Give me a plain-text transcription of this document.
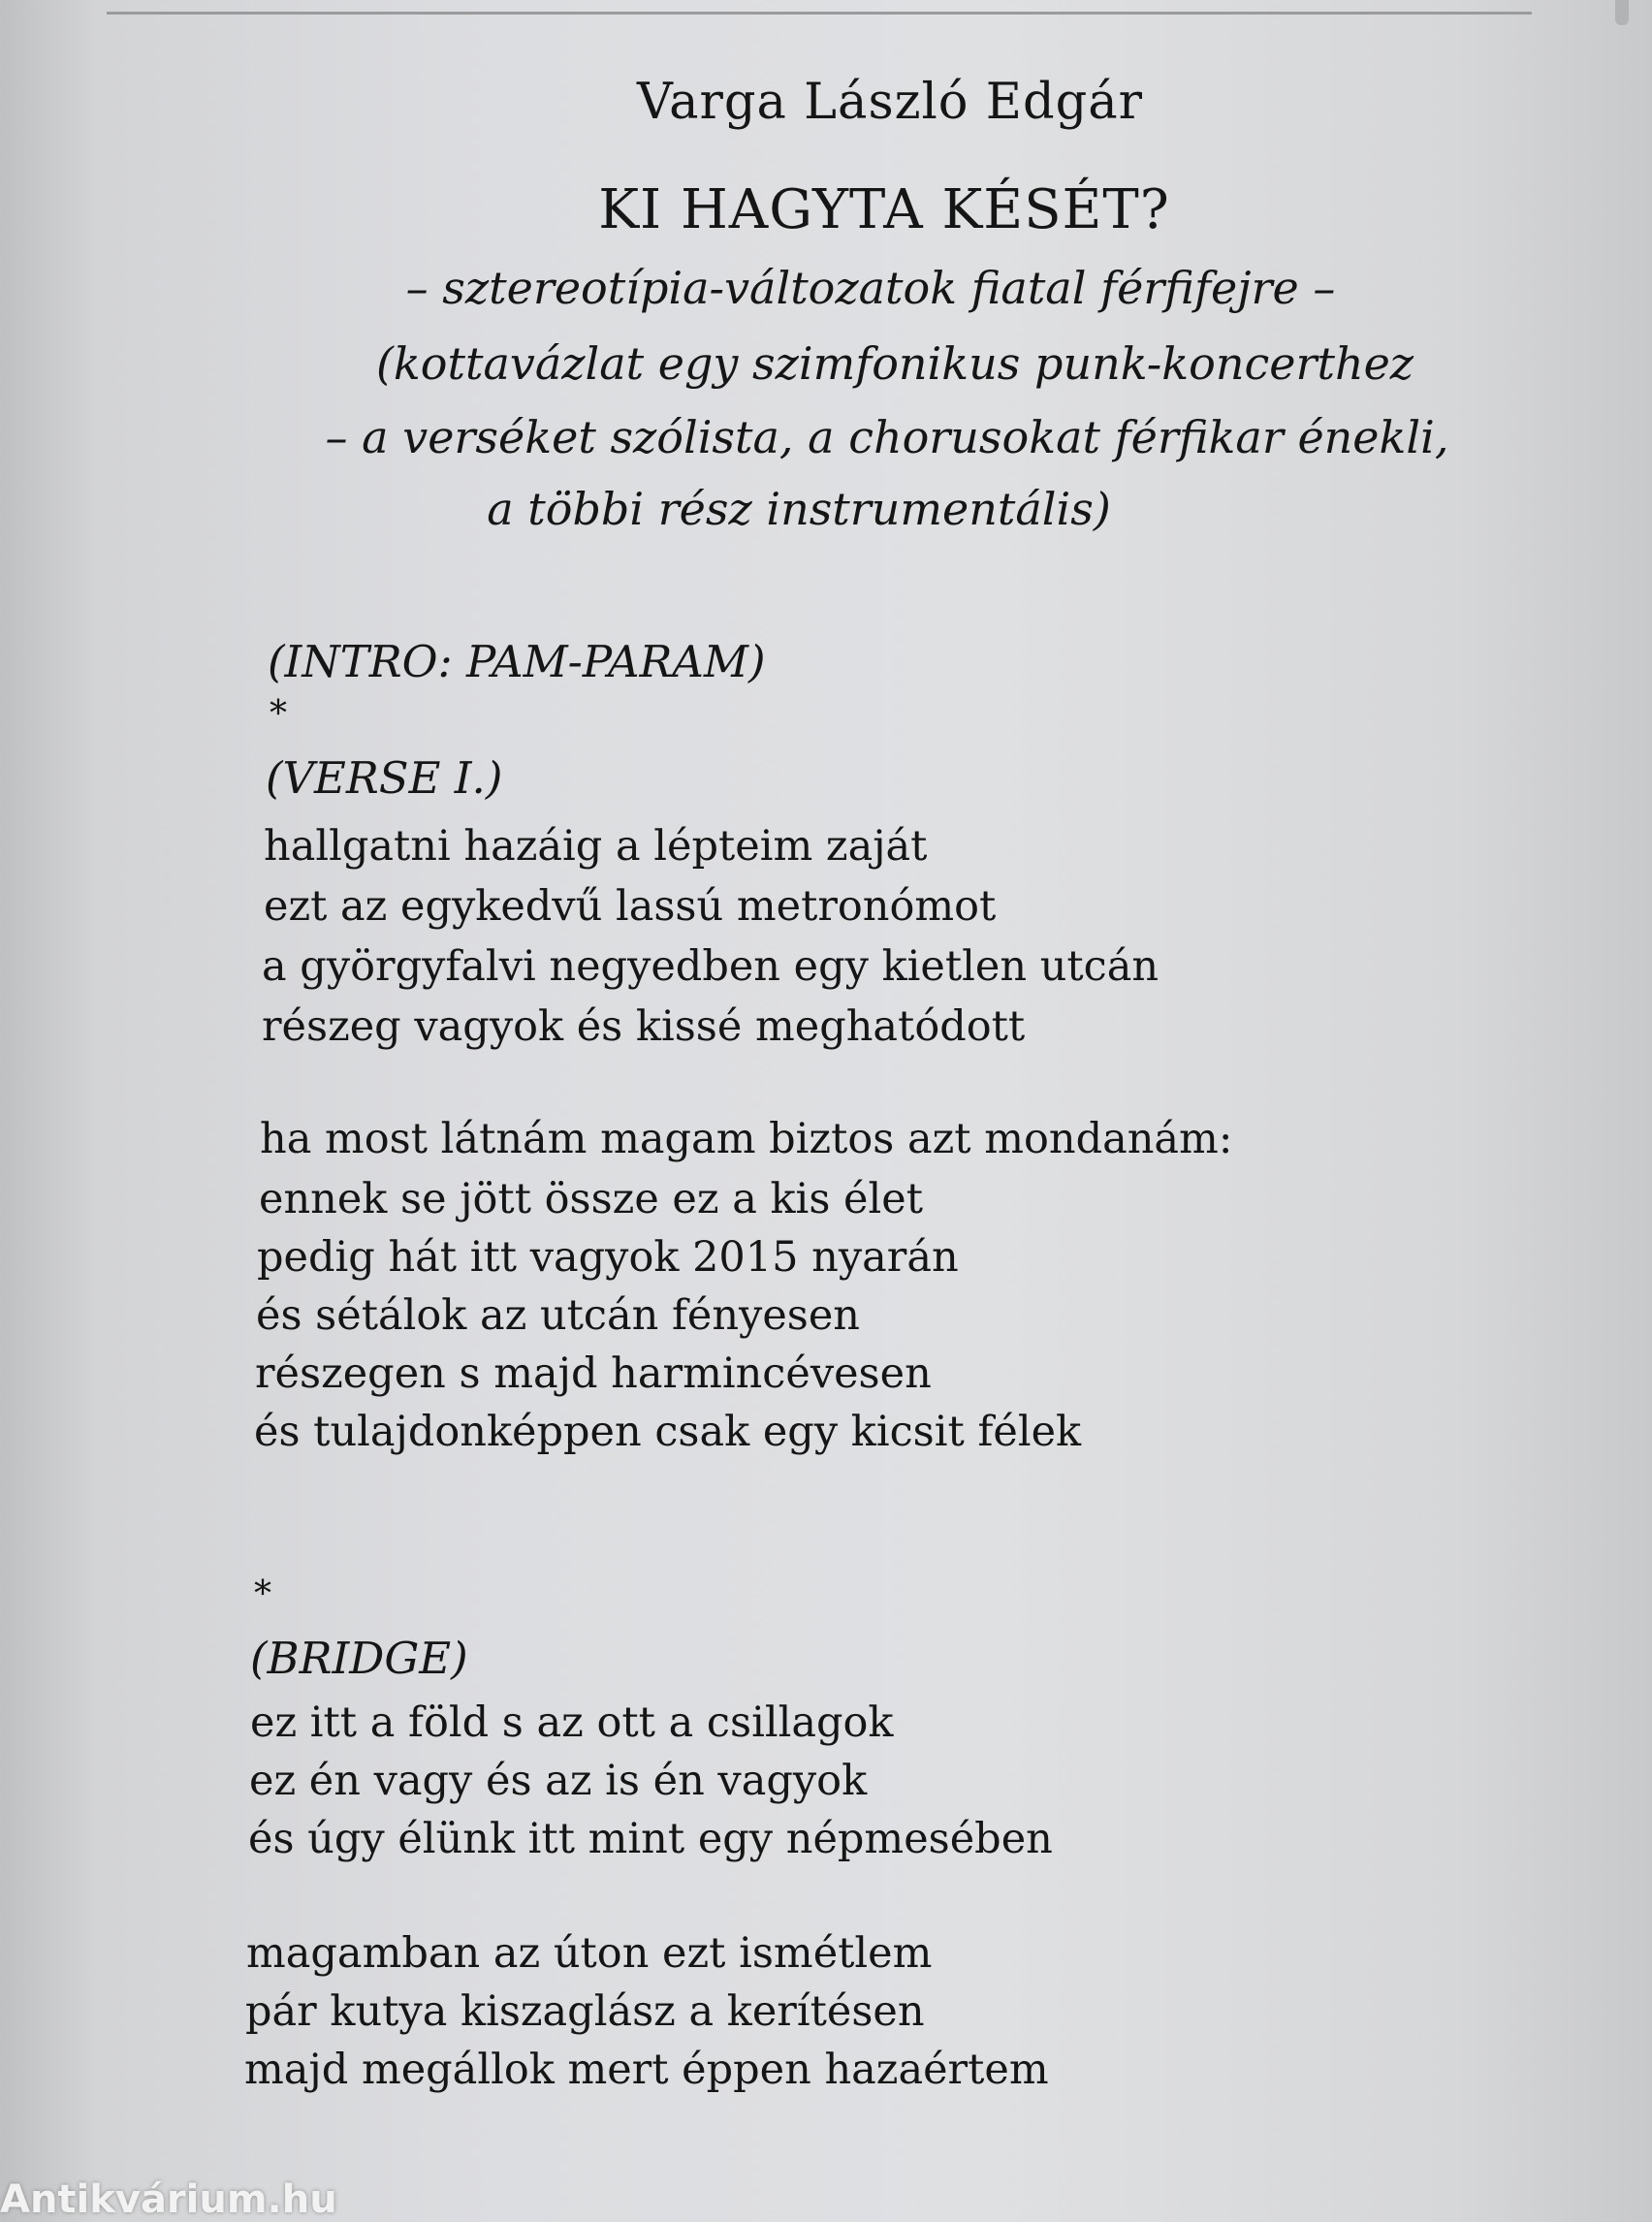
Varga László Edgár
KI HAGYTA KÉSÉT?
– sztereotípia-változatok fiatal férfifejre –
(kottavázlat egy szimfonikus punk-koncerthez
– a verséket szólista, a chorusokat férfikar énekli,
a többi rész instrumentális)
(INTRO: PAM-PARAM)
*
(VERSE I.)
hallgatni hazáig a lépteim zaját
ezt az egykedvű lassú metronómot
a györgyfalvi negyedben egy kietlen utcán
részeg vagyok és kissé meghatódott
ha most látnám magam biztos azt mondanám:
ennek se jött össze ez a kis élet
pedig hát itt vagyok 2015 nyarán
és sétálok az utcán fényesen
részegen s majd harmincévesen
és tulajdonképpen csak egy kicsit félek
*
(BRIDGE)
ez itt a föld s az ott a csillagok
ez én vagy és az is én vagyok
és úgy élünk itt mint egy népmesében
magamban az úton ezt ismétlem
pár kutya kiszaglász a kerítésen
majd megállok mert éppen hazaértem
Antikvárium.hu
